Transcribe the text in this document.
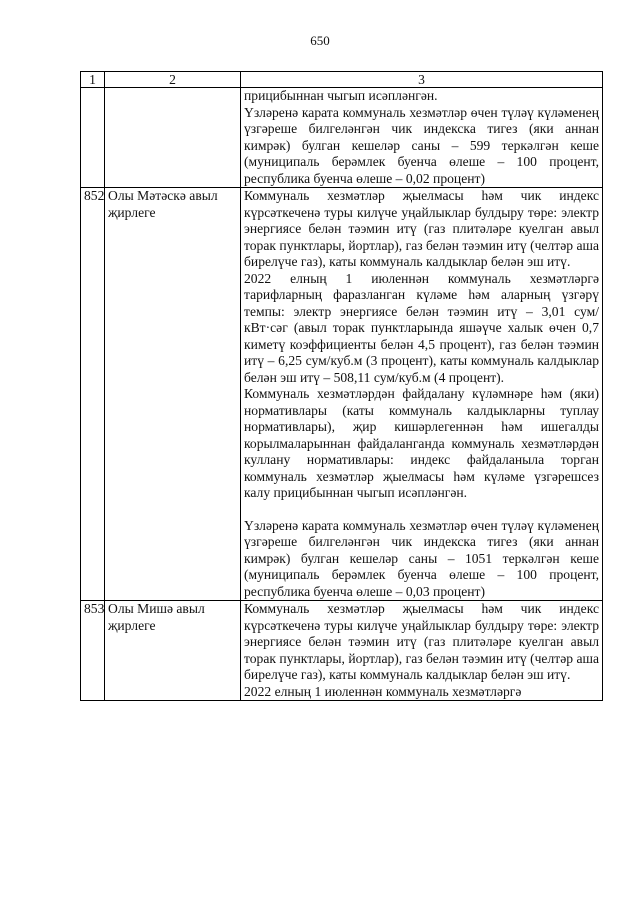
650
1	2	3

		прицибыннан чыгып исәпләнгән.

Үзләренә карата коммуналь хезмәтләр өчен түләү күләменең үзгәреше билгеләнгән чик индекска тигез (яки аннан кимрәк) булган кешеләр саны – 599 теркәлгән кеше (муниципаль берәмлек буенча өлеше – 100 процент, республика буенча өлеше – 0,02 процент)

852	Олы Мәтәскә авыл җирлеге	Коммуналь хезмәтләр җыелмасы һәм чик индекс күрсәткеченә туры килүче уңайлыклар булдыру төре: электр энергиясе белән тәэмин итү (газ плитәләре куелган авыл торак пунктлары, йортлар), газ белән тәэмин итү (челтәр аша бирелүче газ), каты коммуналь калдыклар белән эш итү.

2022 елның 1 июленнән коммуналь хезмәтләргә тарифларның фаразланган күләме һәм аларның үзгәрү темпы: электр энергиясе белән тәэмин итү – 3,01 сум/кВт·сәг (авыл торак пунктларында яшәүче халык өчен 0,7 киметү коэффициенты белән 4,5 процент), газ белән тәэмин итү – 6,25 сум/куб.м (3 процент), каты коммуналь калдыклар белән эш итү – 508,11 сум/куб.м (4 процент).

Коммуналь хезмәтләрдән файдалану күләмнәре һәм (яки) нормативлары (каты коммуналь калдыкларны туплау нормативлары), җир кишәрлегеннән һәм ишегалды корылмаларыннан файдаланганда коммуналь хезмәтләрдән куллану нормативлары: индекс файдаланыла торган коммуналь хезмәтләр җыелмасы һәм күләме үзгәрешсез калу прицибыннан чыгып исәпләнгән.

Үзләренә карата коммуналь хезмәтләр өчен түләү күләменең үзгәреше билгеләнгән чик индекска тигез (яки аннан кимрәк) булган кешеләр саны – 1051 теркәлгән кеше (муниципаль берәмлек буенча өлеше – 100 процент, республика буенча өлеше – 0,03 процент)

853	Олы Мишә авыл җирлеге	Коммуналь хезмәтләр җыелмасы һәм чик индекс күрсәткеченә туры килүче уңайлыклар булдыру төре: электр энергиясе белән тәэмин итү (газ плитәләре куелган авыл торак пунктлары, йортлар), газ белән тәэмин итү (челтәр аша бирелүче газ), каты коммуналь калдыклар белән эш итү.

2022 елның 1 июленнән коммуналь хезмәтләргә
